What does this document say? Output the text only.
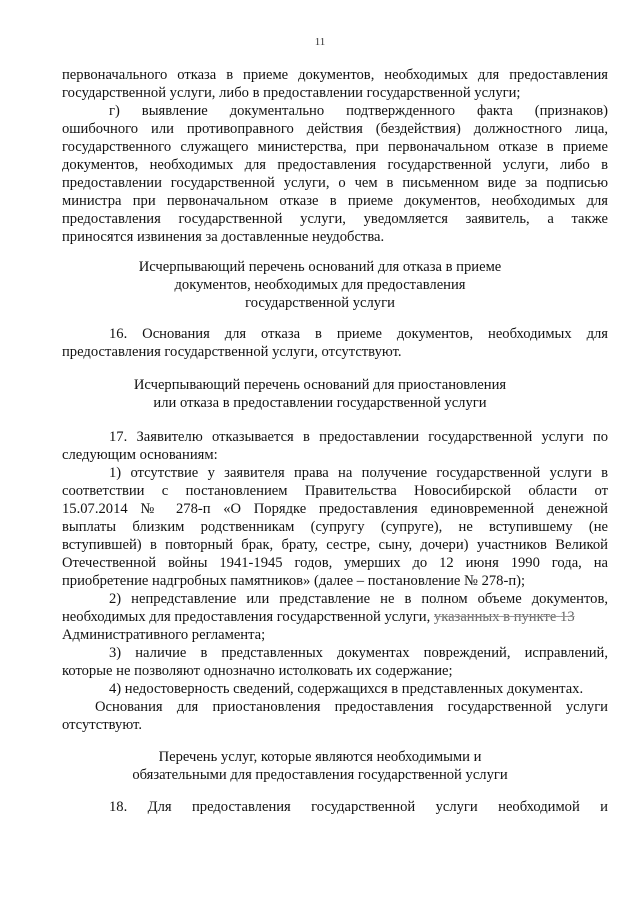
11
первоначального отказа в приеме документов, необходимых для предоставления
государственной услуги, либо в предоставлении государственной услуги;
г) выявление документально подтвержденного факта (признаков)
ошибочного или противоправного действия (бездействия) должностного лица,
государственного служащего министерства, при первоначальном отказе в приеме
документов, необходимых для предоставления государственной услуги, либо в
предоставлении государственной услуги, о чем в письменном виде за подписью
министра при первоначальном отказе в приеме документов, необходимых для
предоставления государственной услуги, уведомляется заявитель, а также
приносятся извинения за доставленные неудобства.
Исчерпывающий перечень оснований для отказа в приеме
документов, необходимых для предоставления
государственной услуги
16. Основания для отказа в приеме документов, необходимых для
предоставления государственной услуги, отсутствуют.
Исчерпывающий перечень оснований для приостановления
или отказа в предоставлении государственной услуги
17. Заявителю отказывается в предоставлении государственной услуги по
следующим основаниям:
1) отсутствие у заявителя права на получение государственной услуги в
соответствии с постановлением Правительства Новосибирской области от
15.07.2014 № 278-п «О Порядке предоставления единовременной денежной
выплаты близким родственникам (супругу (супруге), не вступившему (не
вступившей) в повторный брак, брату, сестре, сыну, дочери) участников Великой
Отечественной войны 1941-1945 годов, умерших до 12 июня 1990 года, на
приобретение надгробных памятников» (далее – постановление № 278-п);
2) непредставление или представление не в полном объеме документов,
необходимых для предоставления государственной услуги, указанных в пункте 13
Административного регламента;
3) наличие в представленных документах повреждений, исправлений,
которые не позволяют однозначно истолковать их содержание;
4) недостоверность сведений, содержащихся в представленных документах.
Основания для приостановления предоставления государственной услуги
отсутствуют.
Перечень услуг, которые являются необходимыми и
обязательными для предоставления государственной услуги
18. Для предоставления государственной услуги необходимой и
